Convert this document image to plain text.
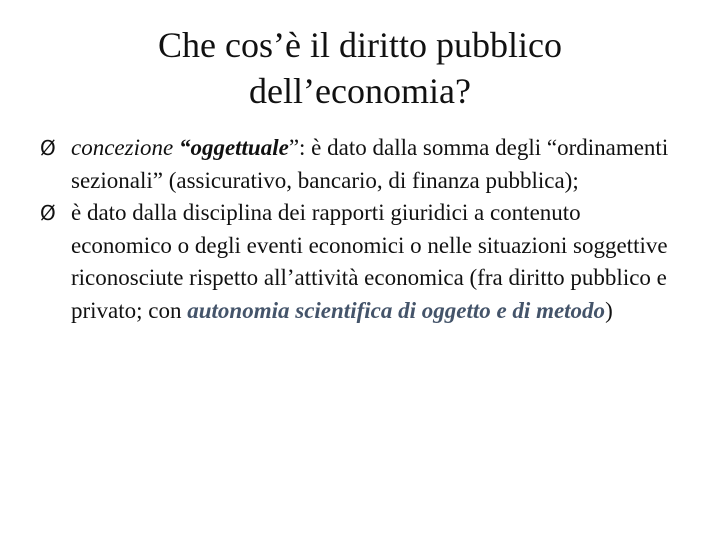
Che cos’è il diritto pubblico
dell’economia?
Ø concezione “oggettuale”: è dato dalla somma degli “ordinamenti sezionali” (assicurativo, bancario, di finanza pubblica);
Ø è dato dalla disciplina dei rapporti giuridici a contenuto economico o degli eventi economici o nelle situazioni soggettive riconosciute rispetto all’attività economica (fra diritto pubblico e privato; con autonomia scientifica di oggetto e di metodo)
